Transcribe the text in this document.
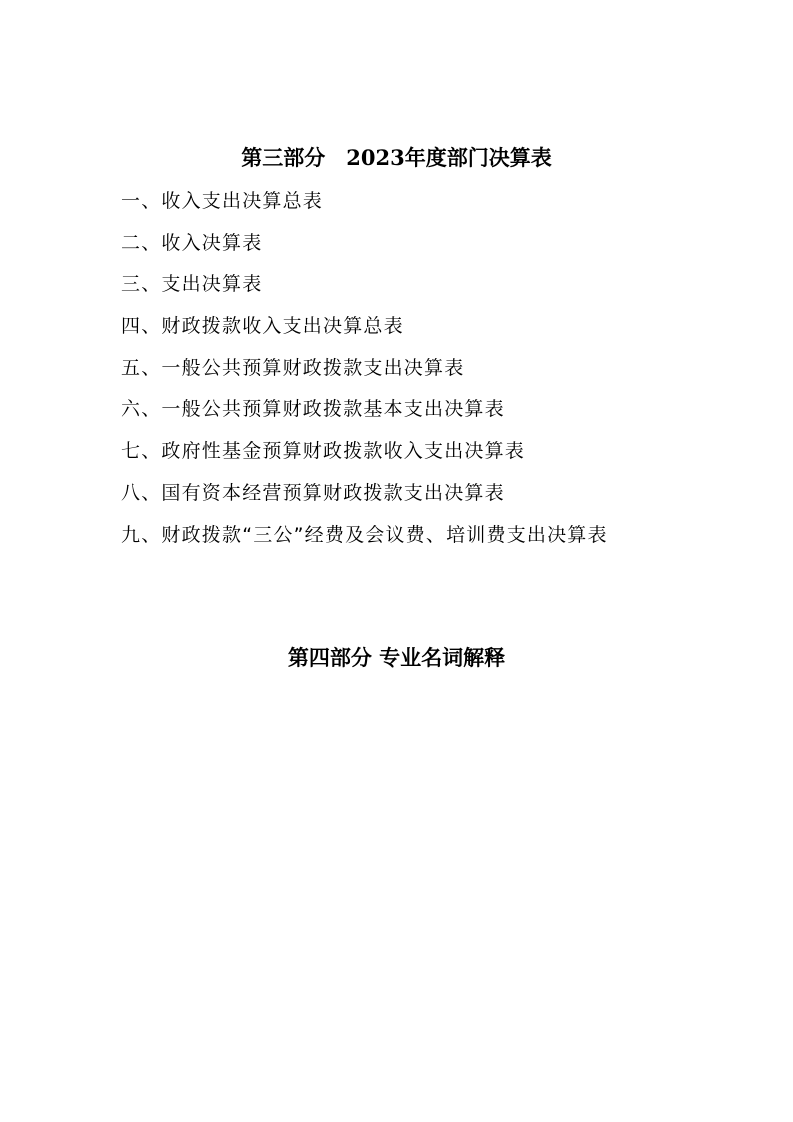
第三部分　2023年度部门决算表
一、收入支出决算总表
二、收入决算表
三、支出决算表
四、财政拨款收入支出决算总表
五、一般公共预算财政拨款支出决算表
六、一般公共预算财政拨款基本支出决算表
七、政府性基金预算财政拨款收入支出决算表
八、国有资本经营预算财政拨款支出决算表
九、财政拨款“三公”经费及会议费、培训费支出决算表
第四部分 专业名词解释
